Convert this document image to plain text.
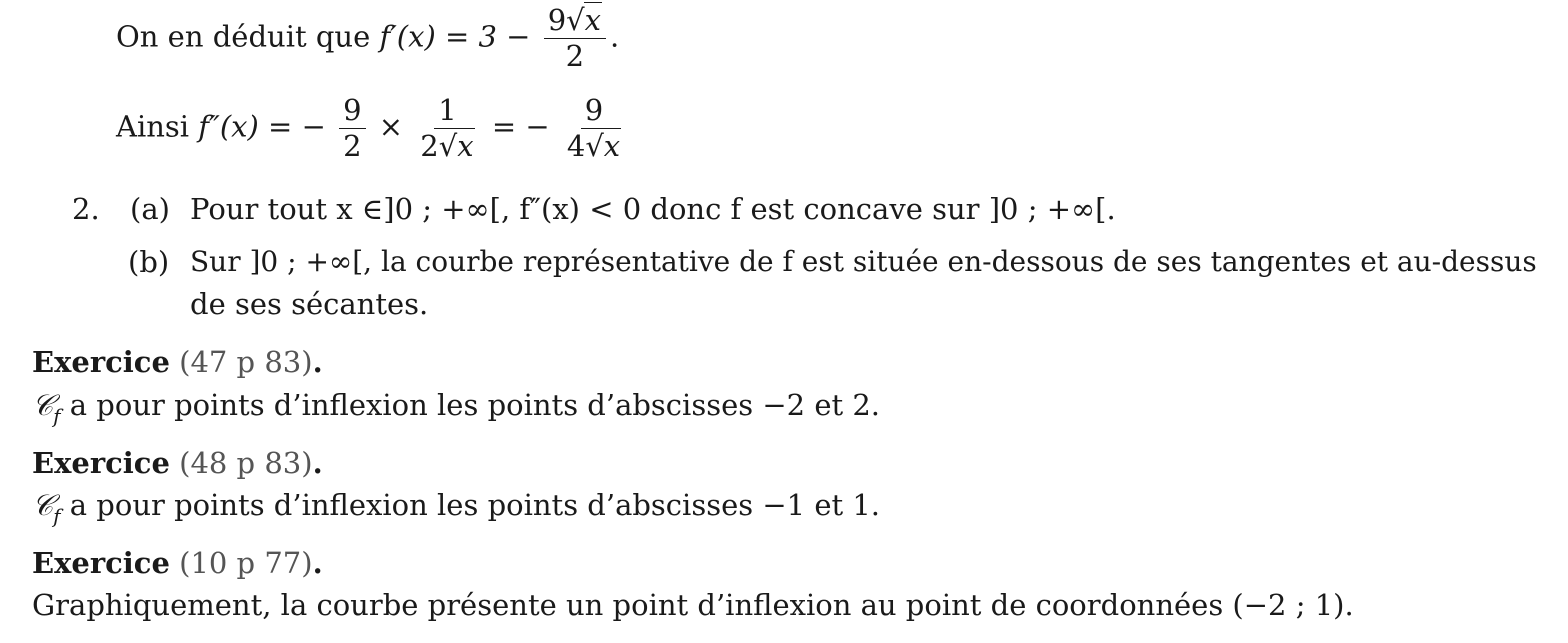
On en déduit que $f'(x) = 3 - \frac{9√x}{2}$ .
Ainsi f″(x) = − $\frac{9}{2} \times \frac{1}{2√x}$ = − $\frac{9}{4√x}$
2. (a) Pour tout x ∈]0 ; +∞[, f″(x) < 0 donc f est concave sur ]0 ; +∞[.
(b) Sur ]0 ; +∞[, la courbe représentative de f est située en-dessous de ses tangentes et au-dessus
de ses sécantes.
Exercice (47 p 83).
𝒞$_f$ a pour points d’inflexion les points d’abscisses −2 et 2.
Exercice (48 p 83).
𝒞$_f$ a pour points d’inflexion les points d’abscisses −1 et 1.
Exercice (10 p 77).
Graphiquement, la courbe présente un point d’inflexion au point de coordonnées (−2 ; 1).
